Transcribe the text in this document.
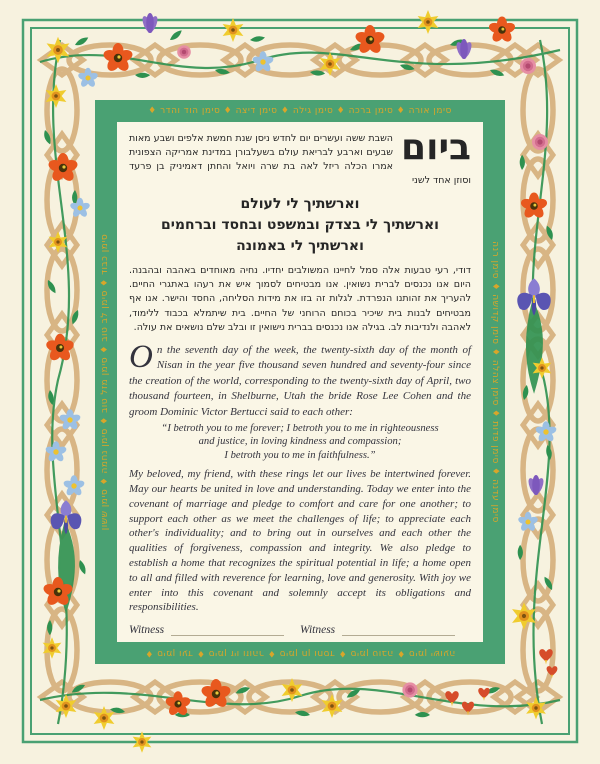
סימן אורה ♦ סימן ברכה ♦ סימן גילה ♦ סימן דיצה ♦ סימן הוד והדר ♦
♦ סימן ועד ♦ סימן זיו וזוהר ♦ סימן חן וחסד ♦ סימן טובה ♦ סימן ישועה
סימן כבוד ♦ סימן לב טוב ♦ סימן מזל טוב ♦ סימן נחמה ♦ סימן ששון	סימן עדנה ♦ סימן פדות ♦ סימן צהלה ♦ סימן קדושה ♦ סימן רנה
ביום
השבת ששה ועשרים יום לחדש ניסן שנת חמשת אלפים ושבע מאות שבעים וארבע לבריאת עולם בשעלבורן במדינת אמריקה הצפונית אמרו הכלה ריזל לאה בת שרה ויואל והחתן דאמיניק בן פרעד וסוזן אחד לשני
וארשתיך לי לעולם
וארשתיך לי בצדק ובמשפט ובחסד וברחמים
וארשתיך לי באמונה

דודי, רעי טבעות אלה סמל לחיינו המשולבים יחדיו. נחיה מאוחדים באהבה ובהבנה. היום אנו נכנסים לברית נשואין. אנו מבטיחים לסמוך איש את רעהו באתגרי החיים. להעריך את זהותנו הנפרדת. לגלות זה בזו את מידות הסליחה, החסד והישר. אנו אף מבטיחים לבנות בית שיכיר בכוחם הרוחני של החיים. בית שיתמלא בכבוד ללימוד, לאהבה ולנדיבות לב. בגילה אנו נכנסים בברית נישואין זו ובלב שלם נושאים את עולה.

On the seventh day of the week, the twenty-sixth day of the month of Nisan in the year five thousand seven hundred and seventy-four since the creation of the world, corresponding to the twenty-sixth day of April, two thousand fourteen, in Shelburne, Utah the bride Rose Lee Cohen and the groom Dominic Victor Bertucci said to each other:

“I betroth you to me forever; I betroth you to me in righteousness
and justice, in loving kindness and compassion;
I betroth you to me in faithfulness.”

My beloved, my friend, with these rings let our lives be intertwined forever. May our hearts be united in love and understanding. Today we enter into the covenant of marriage and pledge to comfort and care for one another; to support each other as we meet the challenges of life; to appreciate each other's individuality; and to bring out in ourselves and each other the qualities of forgiveness, compassion and integrity. We also pledge to establish a home that recognizes the spiritual potential in life; a home open to all and filled with reverence for learning, love and generosity. With joy we enter into this covenant and solemnly accept its obligations and responsibilities.

Witness	Witness
